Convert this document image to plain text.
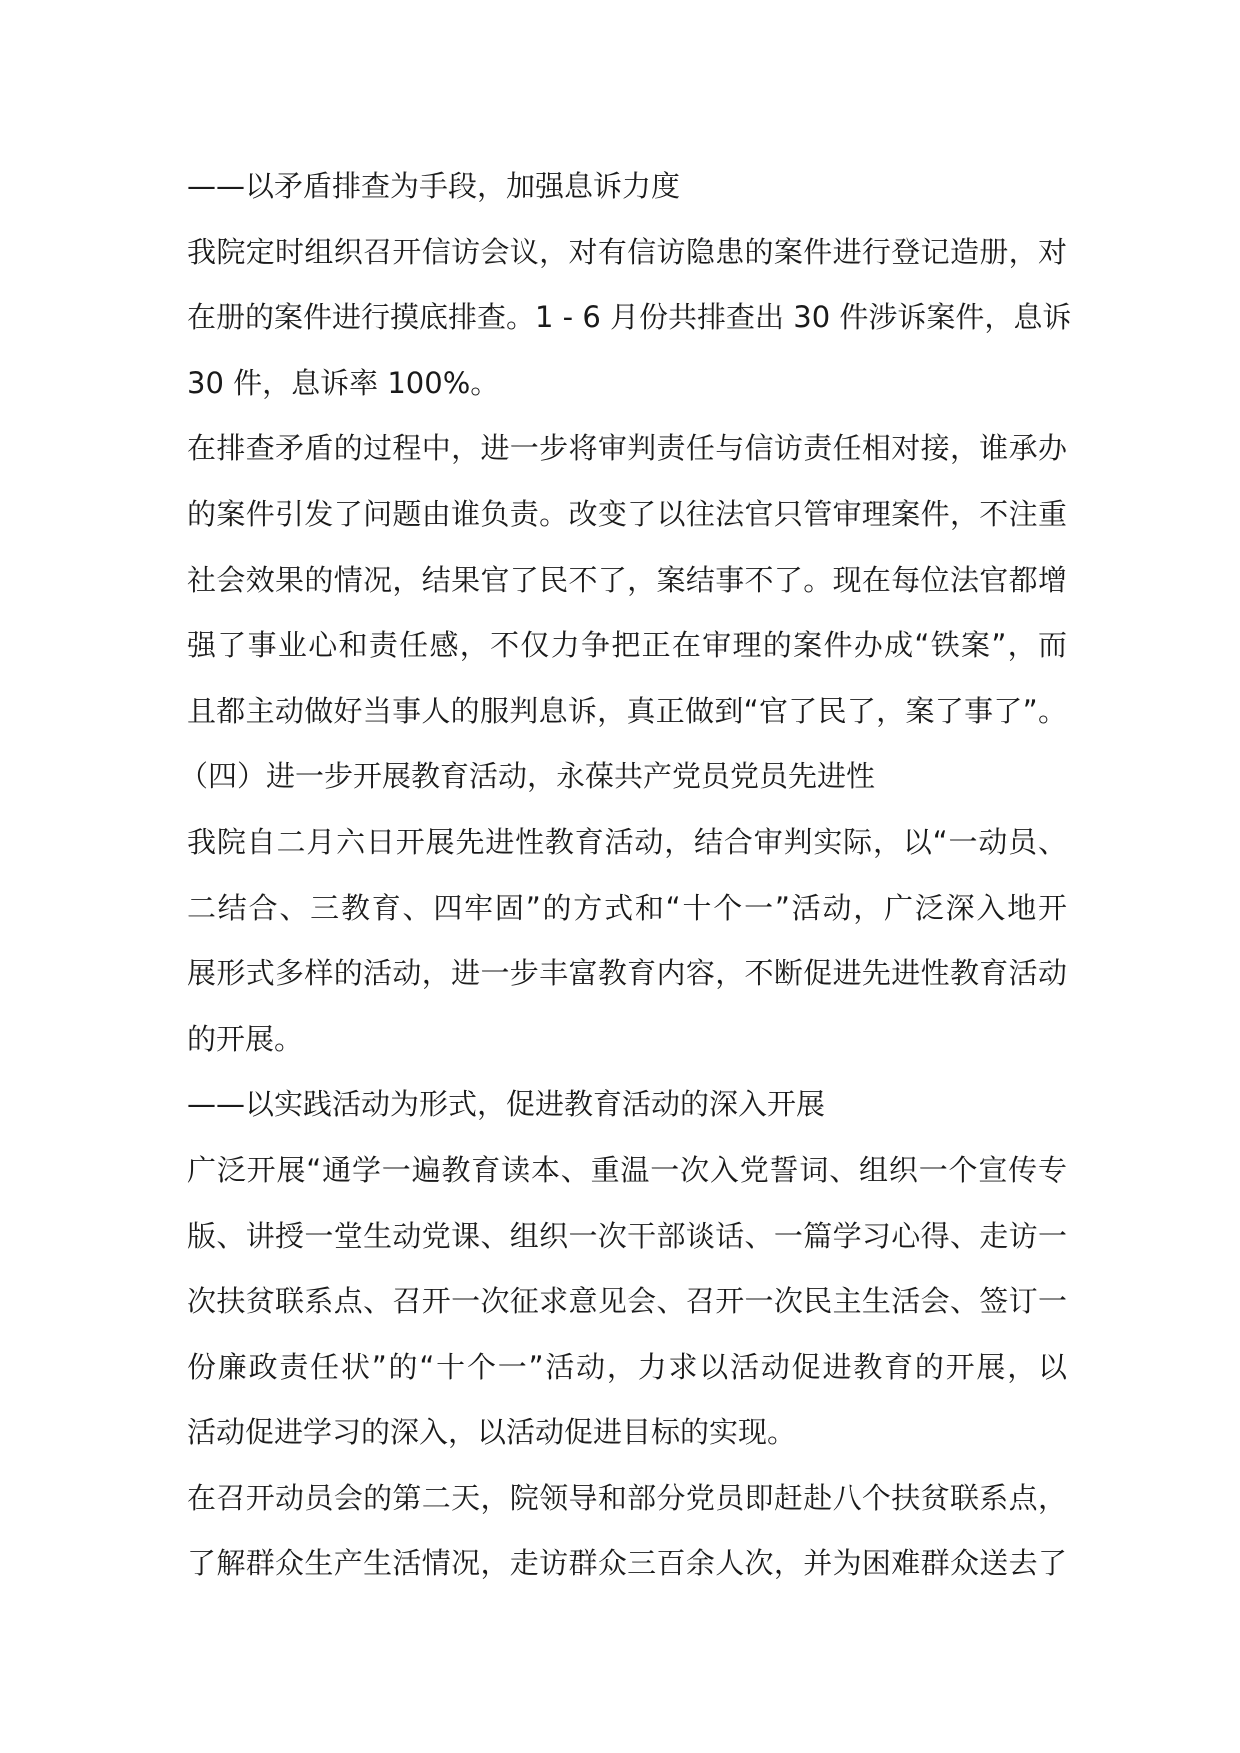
——以矛盾排查为手段，加强息诉力度
我院定时组织召开信访会议，对有信访隐患的案件进行登记造册，对
在册的案件进行摸底排查。1 - 6 月份共排查出 30 件涉诉案件，息诉
30 件，息诉率 100%。
在排查矛盾的过程中，进一步将审判责任与信访责任相对接，谁承办
的案件引发了问题由谁负责。改变了以往法官只管审理案件，不注重
社会效果的情况，结果官了民不了，案结事不了。现在每位法官都增
强了事业心和责任感，不仅力争把正在审理的案件办成“铁案”，而
且都主动做好当事人的服判息诉，真正做到“官了民了，案了事了”。
（四）进一步开展教育活动，永葆共产党员党员先进性
我院自二月六日开展先进性教育活动，结合审判实际，以“一动员、
二结合、三教育、四牢固”的方式和“十个一”活动，广泛深入地开
展形式多样的活动，进一步丰富教育内容，不断促进先进性教育活动
的开展。
——以实践活动为形式，促进教育活动的深入开展
广泛开展“通学一遍教育读本、重温一次入党誓词、组织一个宣传专
版、讲授一堂生动党课、组织一次干部谈话、一篇学习心得、走访一
次扶贫联系点、召开一次征求意见会、召开一次民主生活会、签订一
份廉政责任状”的“十个一”活动，力求以活动促进教育的开展，以
活动促进学习的深入，以活动促进目标的实现。
在召开动员会的第二天，院领导和部分党员即赶赴八个扶贫联系点，
了解群众生产生活情况，走访群众三百余人次，并为困难群众送去了
